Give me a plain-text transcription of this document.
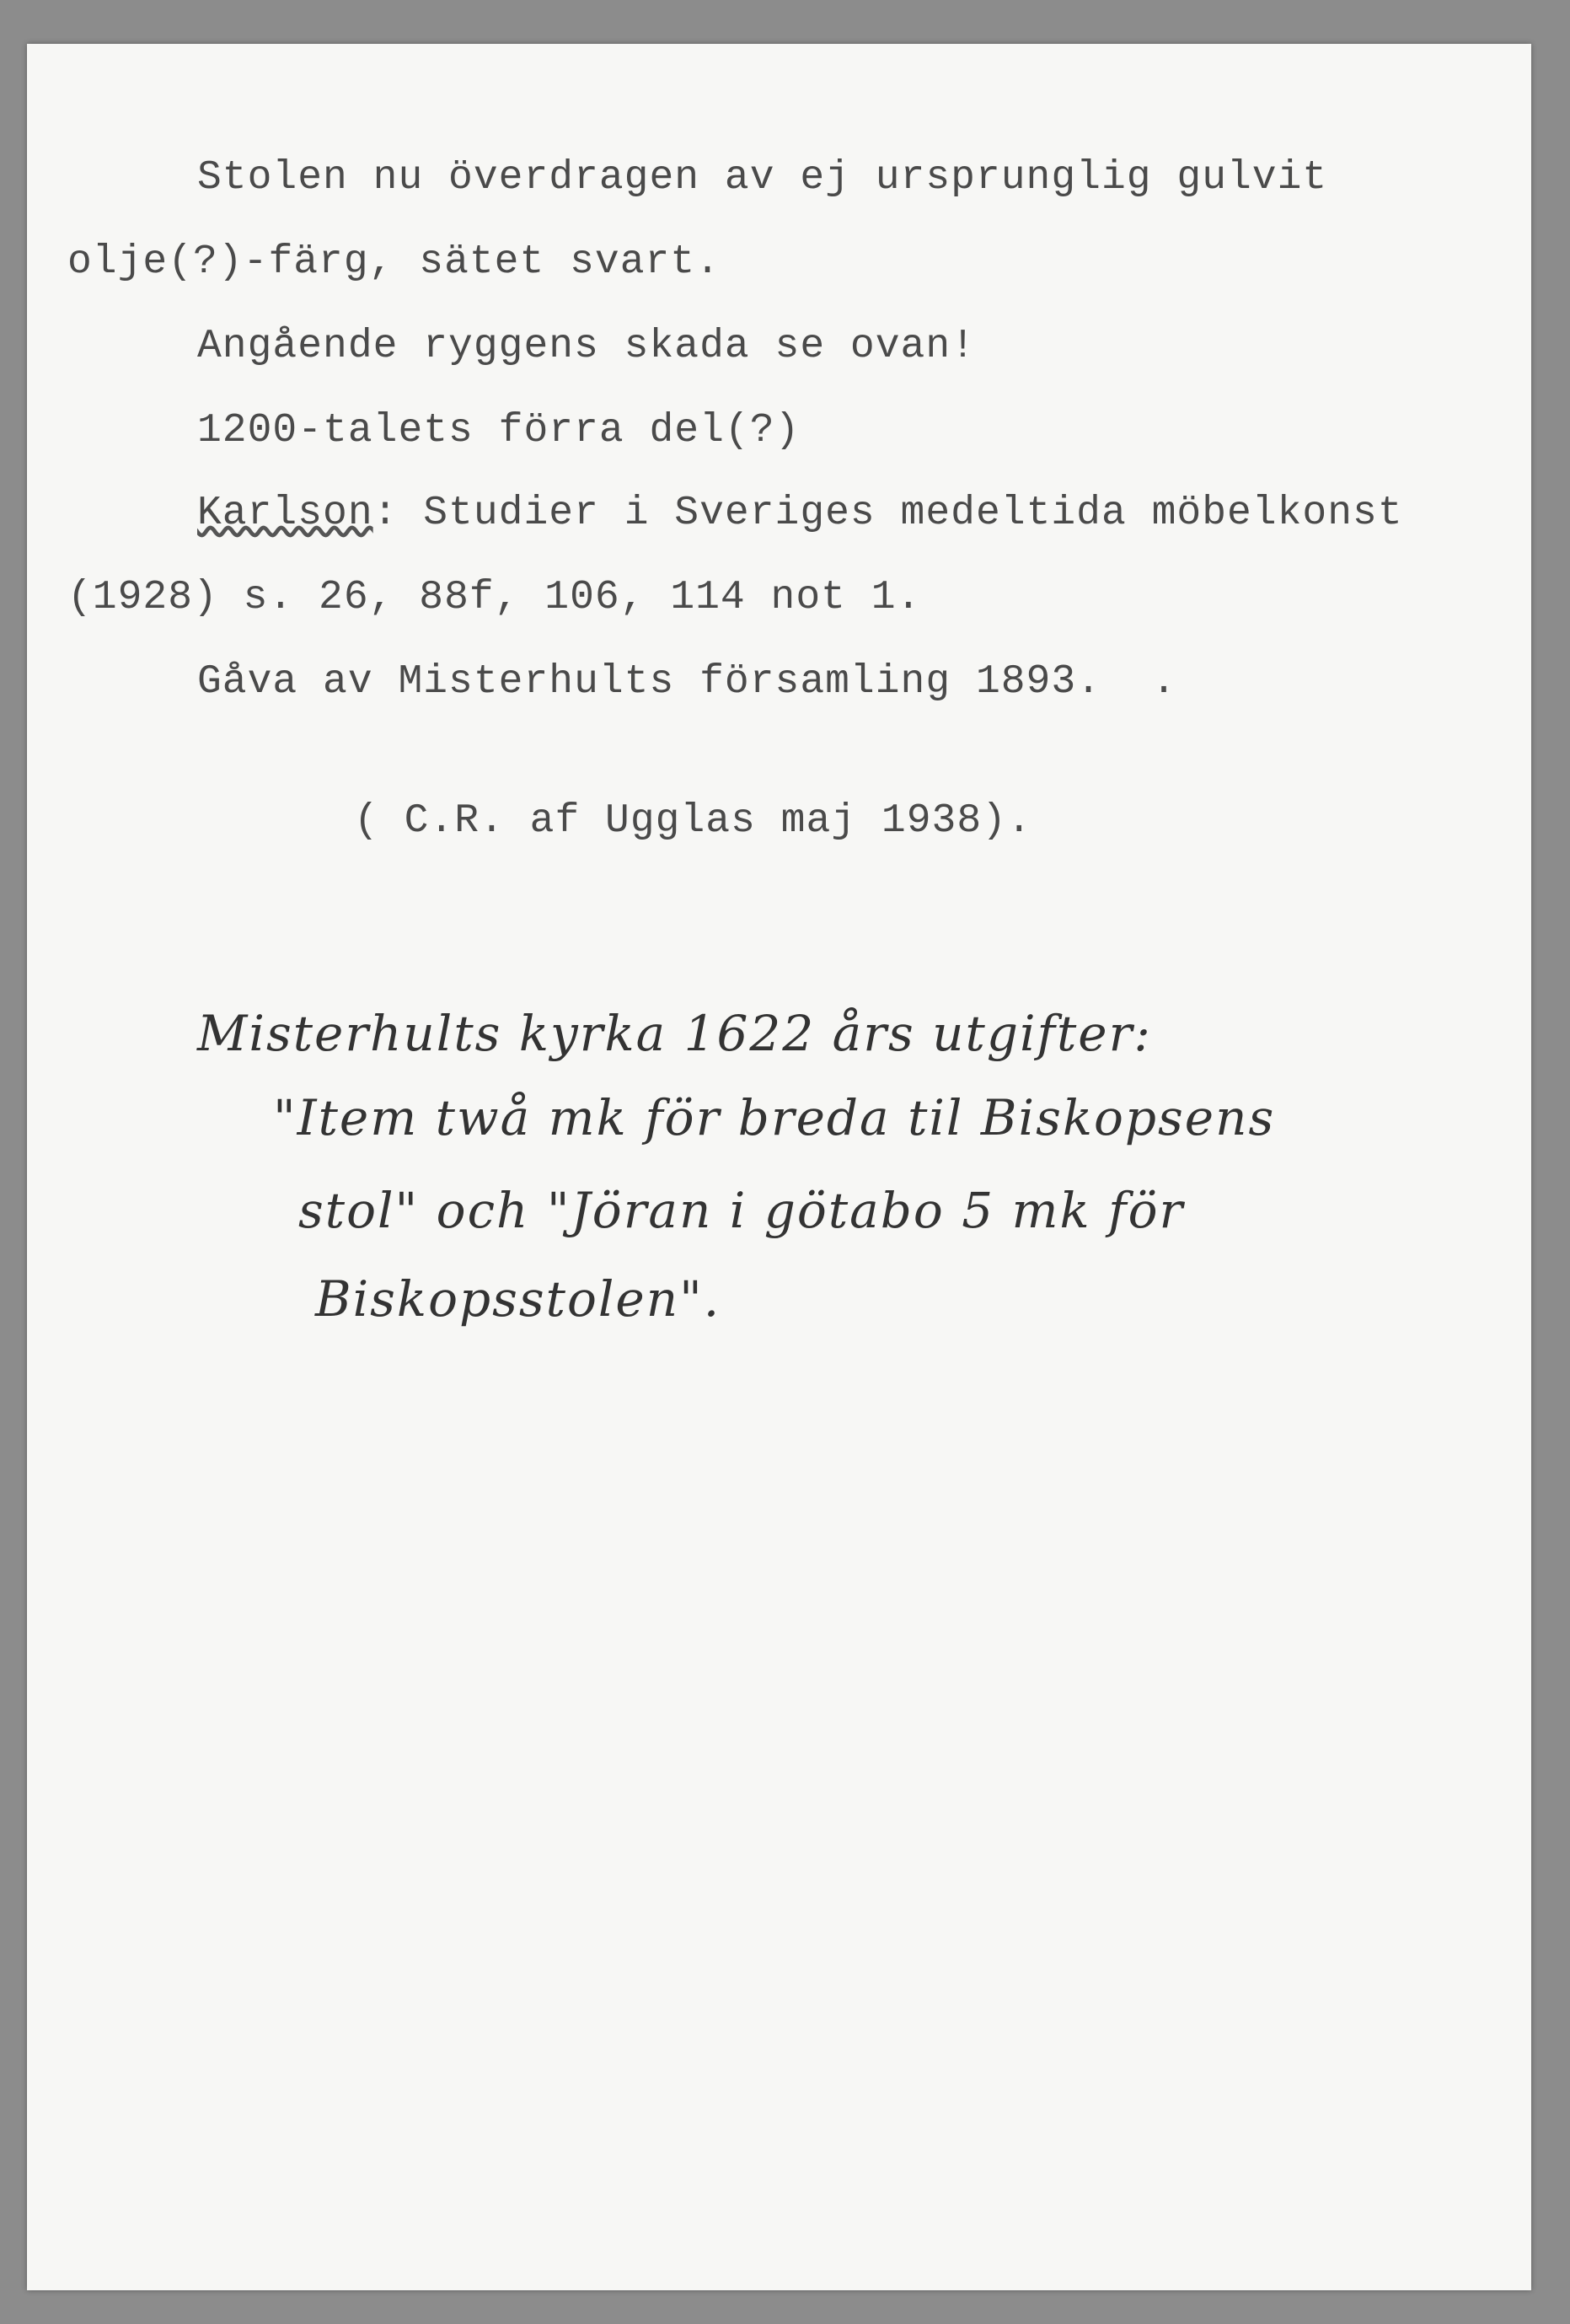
Stolen nu överdragen av ej ursprunglig gulvit
olje(?)-färg, sätet svart.
Angående ryggens skada se ovan!
1200-talets förra del(?)
Karlson: Studier i Sveriges medeltida möbelkonst
(1928) s. 26, 88f, 106, 114 not 1.
Gåva av Misterhults församling 1893.  .
( C.R. af Ugglas maj 1938).
Misterhults kyrka 1622 års utgifter:
"Item twå mk för breda til Biskopsens
stol" och "Jöran i götabo 5 mk för
Biskopsstolen".
